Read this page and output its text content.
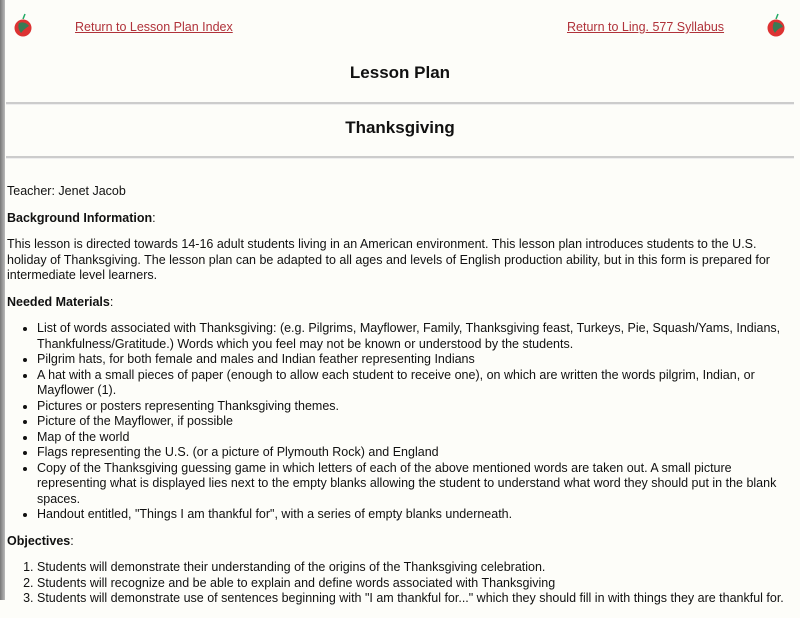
Return to Lesson Plan Index	Return to Ling. 577 Syllabus
Lesson Plan
Thanksgiving

Teacher: Jenet Jacob

Background Information:

This lesson is directed towards 14-16 adult students living in an American environment. This lesson plan introduces students to the U.S. holiday of Thanksgiving. The lesson plan can be adapted to all ages and levels of English production ability, but in this form is prepared for intermediate level learners.

Needed Materials:

• List of words associated with Thanksgiving: (e.g. Pilgrims, Mayflower, Family, Thanksgiving feast, Turkeys, Pie, Squash/Yams, Indians, Thankfulness/Gratitude.) Words which you feel may not be known or understood by the students.
• Pilgrim hats, for both female and males and Indian feather representing Indians
• A hat with a small pieces of paper (enough to allow each student to receive one), on which are written the words pilgrim, Indian, or Mayflower (1).
• Pictures or posters representing Thanksgiving themes.
• Picture of the Mayflower, if possible
• Map of the world
• Flags representing the U.S. (or a picture of Plymouth Rock) and England
• Copy of the Thanksgiving guessing game in which letters of each of the above mentioned words are taken out. A small picture representing what is displayed lies next to the empty blanks allowing the student to understand what word they should put in the blank spaces.
• Handout entitled, "Things I am thankful for", with a series of empty blanks underneath.

Objectives:

1. Students will demonstrate their understanding of the origins of the Thanksgiving celebration.
2. Students will recognize and be able to explain and define words associated with Thanksgiving
3. Students will demonstrate use of sentences beginning with "I am thankful for..." which they should fill in with things they are thankful for.
